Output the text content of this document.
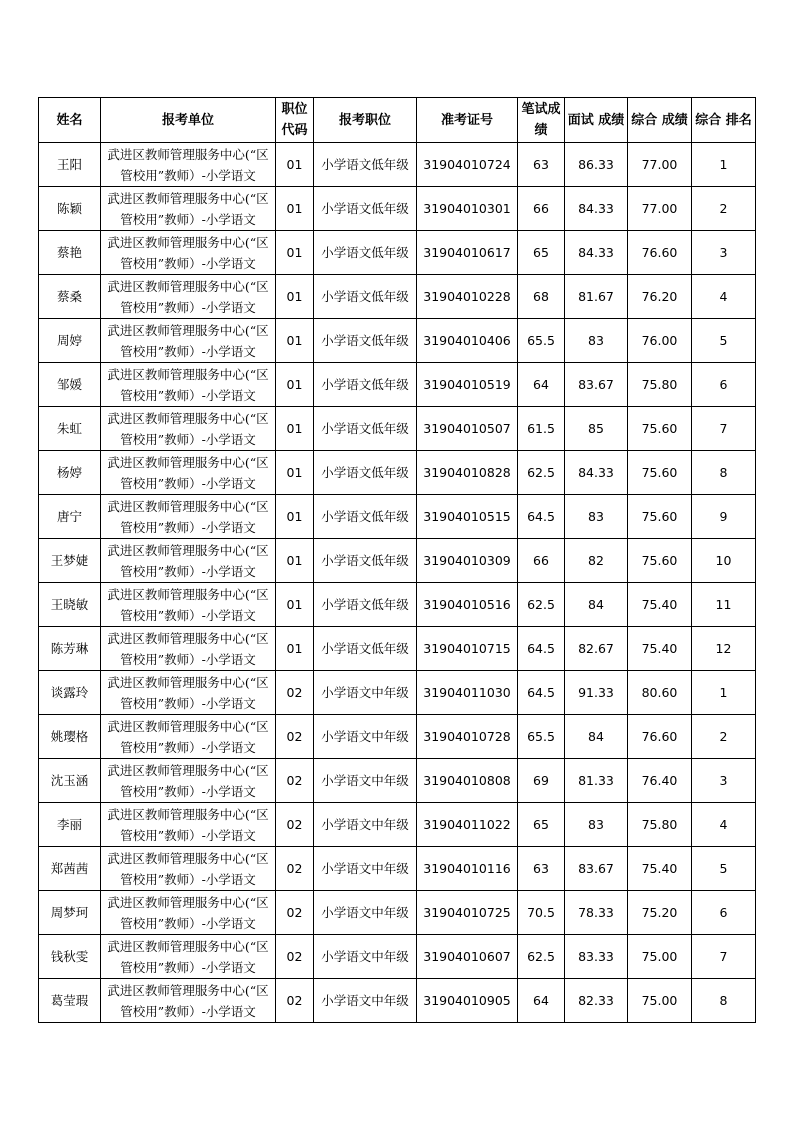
姓名	报考单位	职位代码	报考职位	准考证号	笔试成绩	面试 成绩	综合 成绩	综合 排名
王阳	武进区教师管理服务中心(“区管校用”教师）-小学语文	01	小学语文低年级	31904010724	63	86.33	77.00	1
陈颖	武进区教师管理服务中心(“区管校用”教师）-小学语文	01	小学语文低年级	31904010301	66	84.33	77.00	2
蔡艳	武进区教师管理服务中心(“区管校用”教师）-小学语文	01	小学语文低年级	31904010617	65	84.33	76.60	3
蔡桑	武进区教师管理服务中心(“区管校用”教师）-小学语文	01	小学语文低年级	31904010228	68	81.67	76.20	4
周婷	武进区教师管理服务中心(“区管校用”教师）-小学语文	01	小学语文低年级	31904010406	65.5	83	76.00	5
邹媛	武进区教师管理服务中心(“区管校用”教师）-小学语文	01	小学语文低年级	31904010519	64	83.67	75.80	6
朱虹	武进区教师管理服务中心(“区管校用”教师）-小学语文	01	小学语文低年级	31904010507	61.5	85	75.60	7
杨婷	武进区教师管理服务中心(“区管校用”教师）-小学语文	01	小学语文低年级	31904010828	62.5	84.33	75.60	8
唐宁	武进区教师管理服务中心(“区管校用”教师）-小学语文	01	小学语文低年级	31904010515	64.5	83	75.60	9
王梦婕	武进区教师管理服务中心(“区管校用”教师）-小学语文	01	小学语文低年级	31904010309	66	82	75.60	10
王晓敏	武进区教师管理服务中心(“区管校用”教师）-小学语文	01	小学语文低年级	31904010516	62.5	84	75.40	11
陈芳琳	武进区教师管理服务中心(“区管校用”教师）-小学语文	01	小学语文低年级	31904010715	64.5	82.67	75.40	12
谈露玲	武进区教师管理服务中心(“区管校用”教师）-小学语文	02	小学语文中年级	31904011030	64.5	91.33	80.60	1
姚璎格	武进区教师管理服务中心(“区管校用”教师）-小学语文	02	小学语文中年级	31904010728	65.5	84	76.60	2
沈玉涵	武进区教师管理服务中心(“区管校用”教师）-小学语文	02	小学语文中年级	31904010808	69	81.33	76.40	3
李丽	武进区教师管理服务中心(“区管校用”教师）-小学语文	02	小学语文中年级	31904011022	65	83	75.80	4
郑茜茜	武进区教师管理服务中心(“区管校用”教师）-小学语文	02	小学语文中年级	31904010116	63	83.67	75.40	5
周梦珂	武进区教师管理服务中心(“区管校用”教师）-小学语文	02	小学语文中年级	31904010725	70.5	78.33	75.20	6
钱秋雯	武进区教师管理服务中心(“区管校用”教师）-小学语文	02	小学语文中年级	31904010607	62.5	83.33	75.00	7
葛莹瑕	武进区教师管理服务中心(“区管校用”教师）-小学语文	02	小学语文中年级	31904010905	64	82.33	75.00	8
